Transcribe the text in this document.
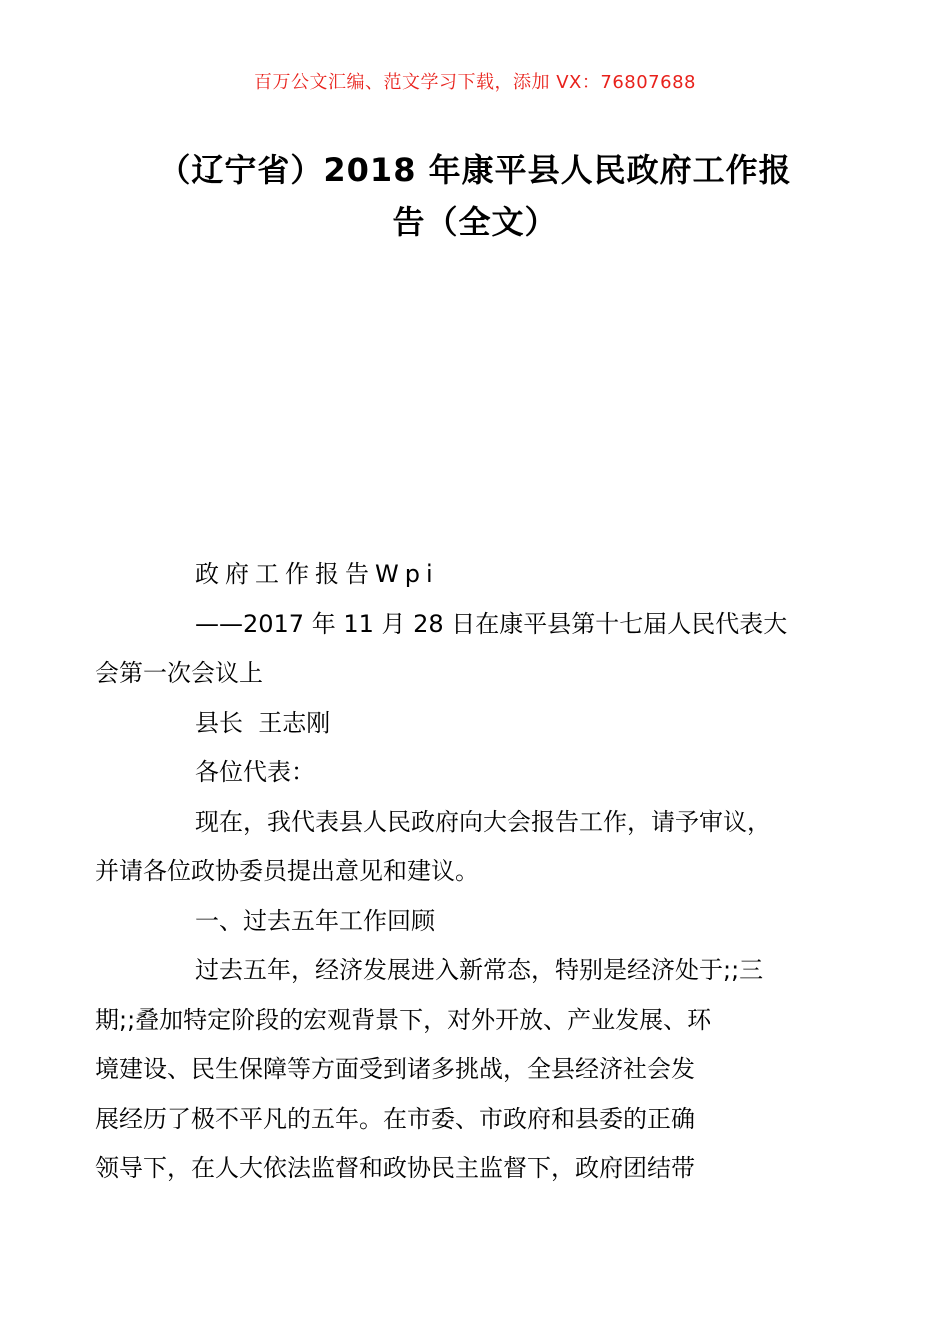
百万公文汇编、范文学习下载，添加 VX：76807688
（辽宁省）2018 年康平县人民政府工作报
告（全文）

政府工作报告Wpi

——2017 年 11 月 28 日在康平县第十七届人民代表大
会第一次会议上

县长  王志刚

各位代表：

现在，我代表县人民政府向大会报告工作，请予审议，
并请各位政协委员提出意见和建议。

一、过去五年工作回顾

过去五年，经济发展进入新常态，特别是经济处于;;三
期;;叠加特定阶段的宏观背景下，对外开放、产业发展、环
境建设、民生保障等方面受到诸多挑战，全县经济社会发
展经历了极不平凡的五年。在市委、市政府和县委的正确
领导下，在人大依法监督和政协民主监督下，政府团结带
